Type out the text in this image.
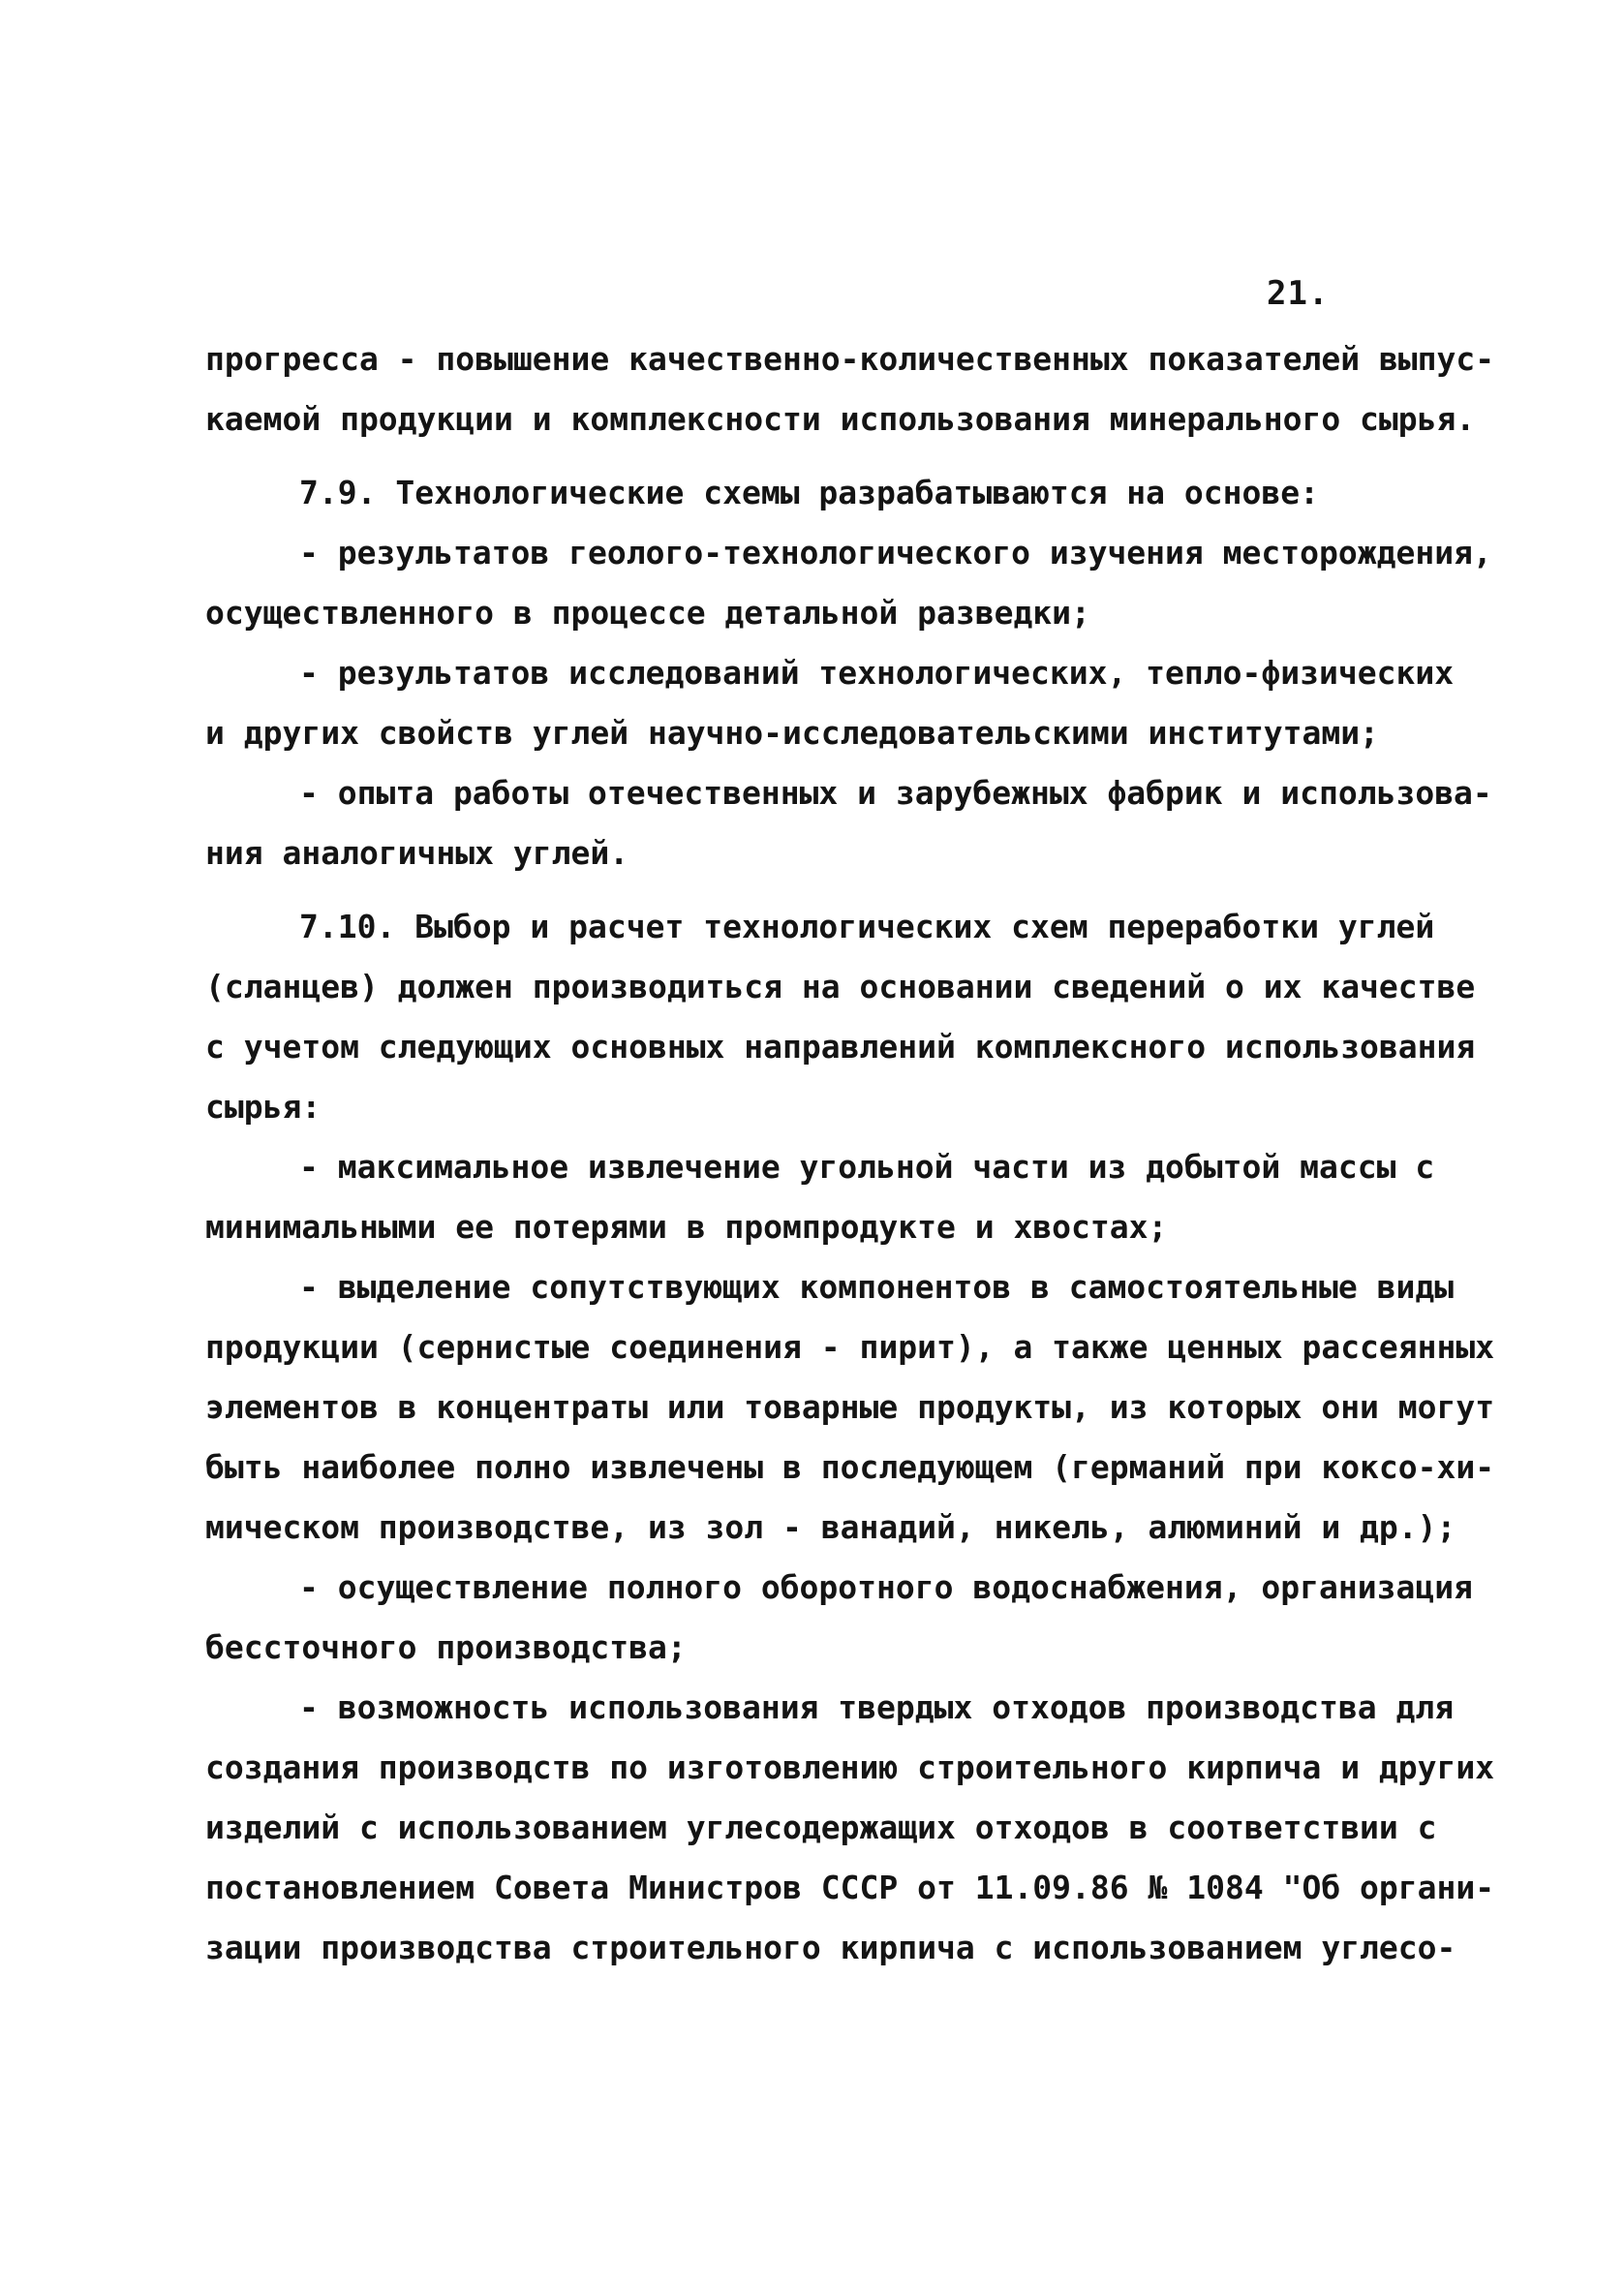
21.
прогресса - повышение качественно-количественных показателей выпус-
каемой продукции и комплексности использования минерального сырья.
7.9. Технологические схемы разрабатываются на основе:
- результатов геолого-технологического изучения месторождения,
осуществленного в процессе детальной разведки;
- результатов исследований технологических, тепло-физических
и других свойств углей научно-исследовательскими институтами;
- опыта работы отечественных и зарубежных фабрик и использова-
ния аналогичных углей.
7.10. Выбор и расчет технологических схем переработки углей
(сланцев) должен производиться на основании сведений о их качестве
с учетом следующих основных направлений комплексного использования
сырья:
- максимальное извлечение угольной части из добытой массы с
минимальными ее потерями в промпродукте и хвостах;
- выделение сопутствующих компонентов в самостоятельные виды
продукции (сернистые соединения - пирит), а также ценных рассеянных
элементов в концентраты или товарные продукты, из которых они могут
быть наиболее полно извлечены в последующем (германий при коксо-хи-
мическом производстве, из зол - ванадий, никель, алюминий и др.);
- осуществление полного оборотного водоснабжения, организация
бессточного производства;
- возможность использования твердых отходов производства для
создания производств по изготовлению строительного кирпича и других
изделий с использованием углесодержащих отходов в соответствии с
постановлением Совета Министров СССР от 11.09.86 № 1084 "Об органи-
зации производства строительного кирпича с использованием углесо-
